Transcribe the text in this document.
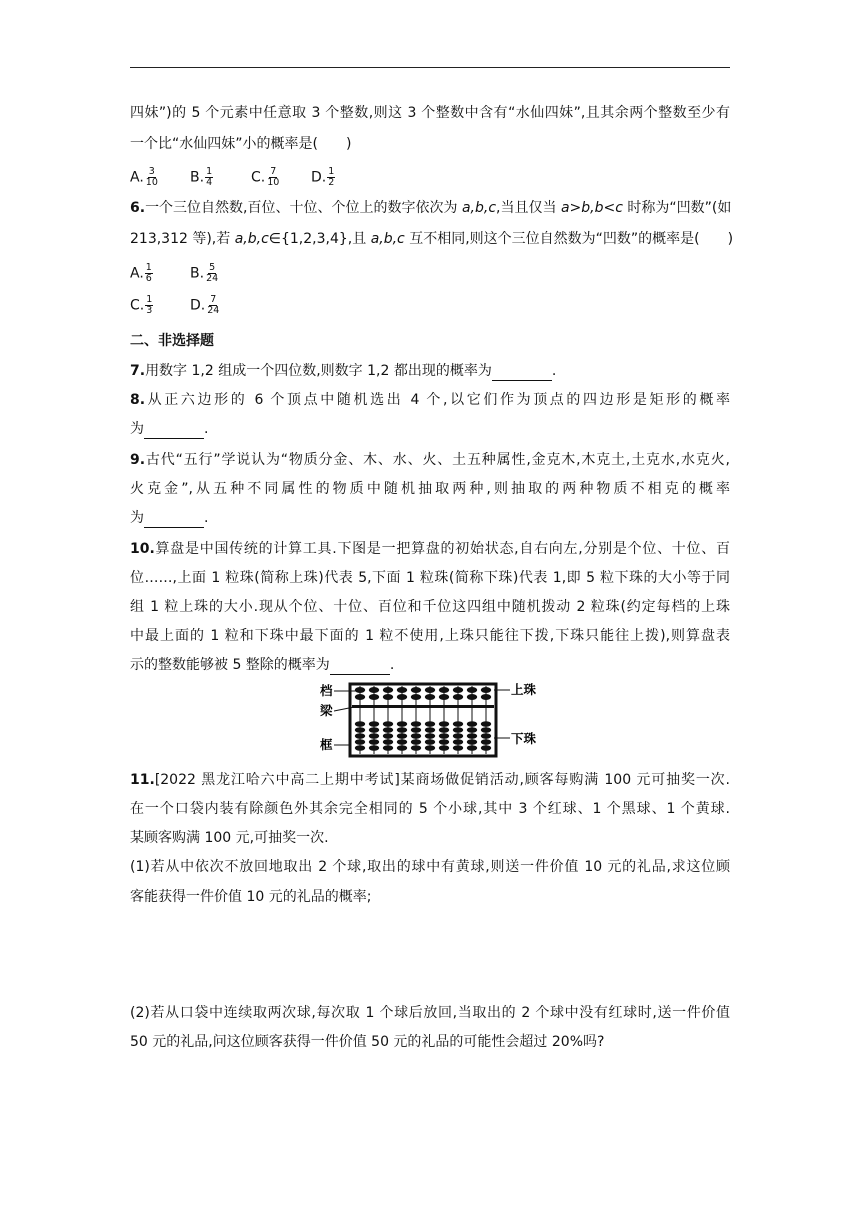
四妹”)的 5 个元素中任意取 3 个整数,则这 3 个整数中含有“水仙四妹”,且其余两个整数至少有
一个比“水仙四妹”小的概率是(　　)
A. $\frac{3}{10} B$. $\frac{1}{4}$	C. $\frac{7}{10} D$. $\frac{1}{2}$
6.一个三位自然数,百位、十位、个位上的数字依次为 a,b,c,当且仅当 a>b,b<c 时称为“凹数”(如
213,312 等),若 a,b,c∈{1,2,3,4},且 a,b,c 互不相同,则这个三位自然数为“凹数”的概率是(　　)
A. $\frac{1}{6}$	B. $\frac{5}{24}$
C. $\frac{1}{3}$	D. $\frac{7}{24}$
二、非选择题
7.用数字 1,2 组成一个四位数,则数字 1,2 都出现的概率为	.
8.从正六边形的 6 个顶点中随机选出 4 个,以它们作为顶点的四边形是矩形的概率
为	.
9.古代“五行”学说认为“物质分金、木、水、火、土五种属性,金克木,木克土,土克水,水克火,
火克金”,从五种不同属性的物质中随机抽取两种,则抽取的两种物质不相克的概率
为	.
10.算盘是中国传统的计算工具.下图是一把算盘的初始状态,自右向左,分别是个位、十位、百
位……,上面 1 粒珠(简称上珠)代表 5,下面 1 粒珠(简称下珠)代表 1,即 5 粒下珠的大小等于同
组 1 粒上珠的大小.现从个位、十位、百位和千位这四组中随机拨动 2 粒珠(约定每档的上珠
中最上面的 1 粒和下珠中最下面的 1 粒不使用,上珠只能往下拨,下珠只能往上拨),则算盘表
示的整数能够被 5 整除的概率为	.
档
梁
框
上珠
下珠
11.[2022 黑龙江哈六中高二上期中考试]某商场做促销活动,顾客每购满 100 元可抽奖一次.
在一个口袋内装有除颜色外其余完全相同的 5 个小球,其中 3 个红球、1 个黑球、1 个黄球.
某顾客购满 100 元,可抽奖一次.
(1)若从中依次不放回地取出 2 个球,取出的球中有黄球,则送一件价值 10 元的礼品,求这位顾
客能获得一件价值 10 元的礼品的概率;
(2)若从口袋中连续取两次球,每次取 1 个球后放回,当取出的 2 个球中没有红球时,送一件价值
50 元的礼品,问这位顾客获得一件价值 50 元的礼品的可能性会超过 20%吗?
